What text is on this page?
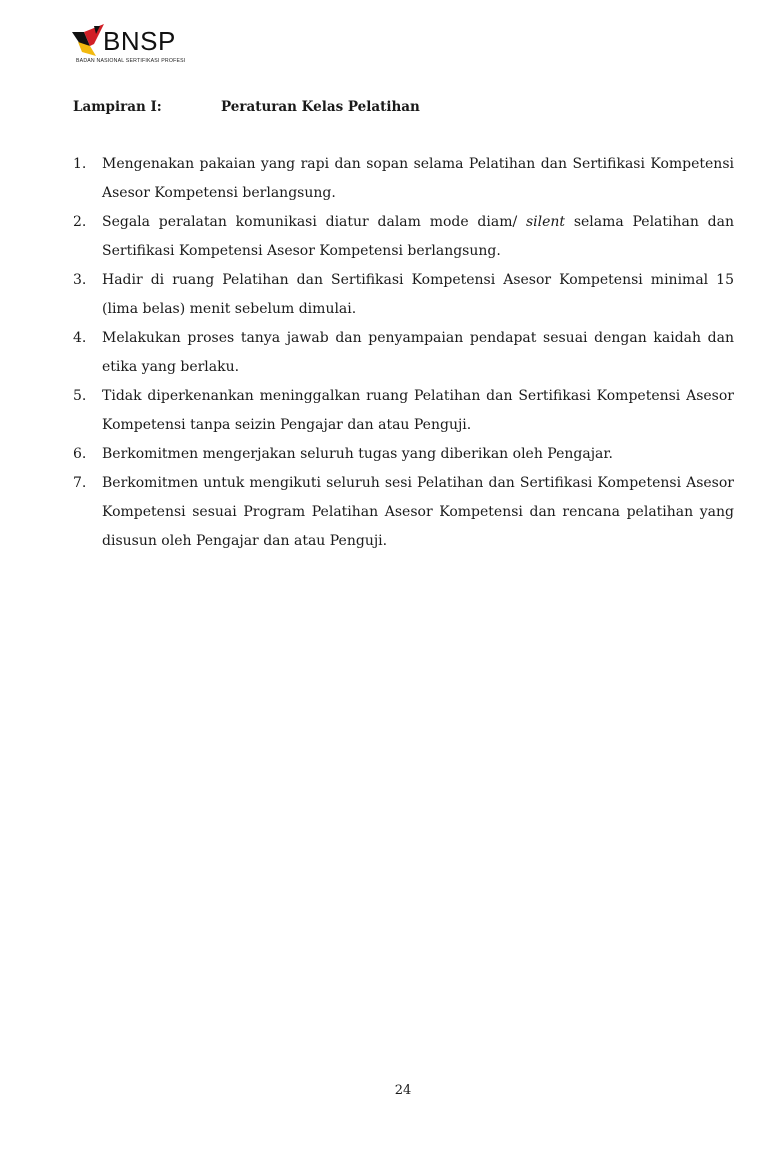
BNSP
BADAN NASIONAL SERTIFIKASI PROFESI
Lampiran I:	Peraturan Kelas Pelatihan
1. Mengenakan pakaian yang rapi dan sopan selama Pelatihan dan Sertifikasi Kompetensi Asesor Kompetensi berlangsung.
2. Segala peralatan komunikasi diatur dalam mode diam/ silent selama Pelatihan dan Sertifikasi Kompetensi Asesor Kompetensi berlangsung.
3. Hadir di ruang Pelatihan dan Sertifikasi Kompetensi Asesor Kompetensi minimal 15 (lima belas) menit sebelum dimulai.
4. Melakukan proses tanya jawab dan penyampaian pendapat sesuai dengan kaidah dan etika yang berlaku.
5. Tidak diperkenankan meninggalkan ruang Pelatihan dan Sertifikasi Kompetensi Asesor Kompetensi tanpa seizin Pengajar dan atau Penguji.
6. Berkomitmen mengerjakan seluruh tugas yang diberikan oleh Pengajar.
7. Berkomitmen untuk mengikuti seluruh sesi Pelatihan dan Sertifikasi Kompetensi Asesor Kompetensi sesuai Program Pelatihan Asesor Kompetensi dan rencana pelatihan yang disusun oleh Pengajar dan atau Penguji.
24
